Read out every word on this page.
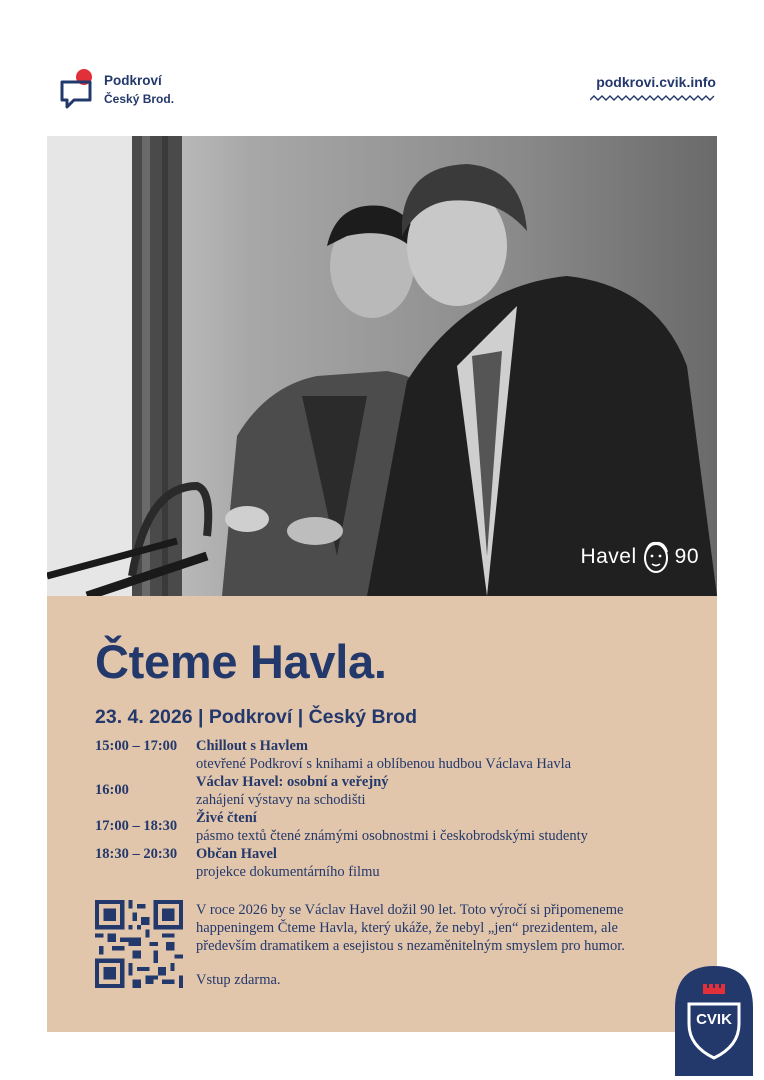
Podkroví
Český Brod.
podkrovi.cvik.info
Havel 90
Čteme Havla.

23. 4. 2026 | Podkroví | Český Brod

15:00 – 17:00	Chillout s Havlem
otevřené Podkroví s knihami a oblíbenou hudbou Václava Havla
16:00	Václav Havel: osobní a veřejný
zahájení výstavy na schodišti
17:00 – 18:30	Živé čtení
pásmo textů čtené známými osobnostmi i českobrodskými studenty
18:30 – 20:30	Občan Havel
projekce dokumentárního filmu
V roce 2026 by se Václav Havel dožil 90 let. Toto výročí si připomeneme happeningem Čteme Havla, který ukáže, že nebyl „jen“ prezidentem, ale především dramatikem a esejistou s nezaměnitelným smyslem pro humor.
Vstup zdarma.
CVIK
